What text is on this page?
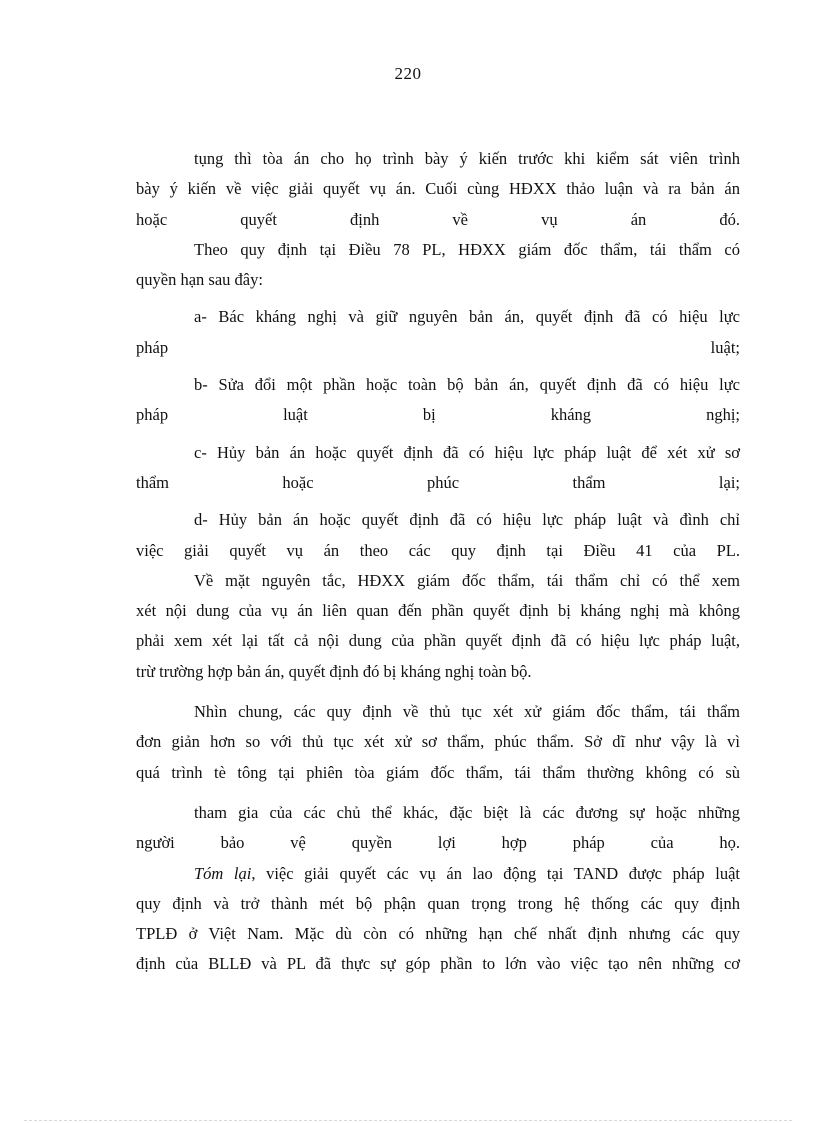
220
tụng thì tòa án cho họ trình bày ý kiến trước khi kiểm sát viên trình
bày ý kiến về việc giải quyết vụ án. Cuối cùng HĐXX thảo luận và ra bản án
hoặc quyết định về vụ án đó.
Theo quy định tại Điều 78 PL, HĐXX giám đốc thẩm, tái thẩm có
quyền hạn sau đây:
a- Bác kháng nghị và giữ nguyên bản án, quyết định đã có hiệu lực
pháp luật;
b- Sửa đổi một phần hoặc toàn bộ bản án, quyết định đã có hiệu lực
pháp luật bị kháng nghị;
c- Hủy bản án hoặc quyết định đã có hiệu lực pháp luật để xét xử sơ
thẩm hoặc phúc thẩm lại;
d- Hủy bản án hoặc quyết định đã có hiệu lực pháp luật và đình chỉ
việc giải quyết vụ án theo các quy định tại Điều 41 của PL.
Về mặt nguyên tắc, HĐXX giám đốc thẩm, tái thẩm chỉ có thể xem
xét nội dung của vụ án liên quan đến phần quyết định bị kháng nghị mà không
phải xem xét lại tất cả nội dung của phần quyết định đã có hiệu lực pháp luật,
trừ trường hợp bản án, quyết định đó bị kháng nghị toàn bộ.
Nhìn chung, các quy định về thủ tục xét xử giám đốc thẩm, tái thẩm
đơn giản hơn so với thủ tục xét xử sơ thẩm, phúc thẩm. Sở dĩ như vậy là vì
quá trình tè tông tại phiên tòa giám đốc thẩm, tái thẩm thường không có sù
tham gia của các chủ thể khác, đặc biệt là các đương sự hoặc những
người bảo vệ quyền lợi hợp pháp của họ.
Tóm lại, việc giải quyết các vụ án lao động tại TAND được pháp luật
quy định và trở thành mét bộ phận quan trọng trong hệ thống các quy định
TPLĐ ở Việt Nam. Mặc dù còn có những hạn chế nhất định nhưng các quy
định của BLLĐ và PL đã thực sự góp phần to lớn vào việc tạo nên những cơ
